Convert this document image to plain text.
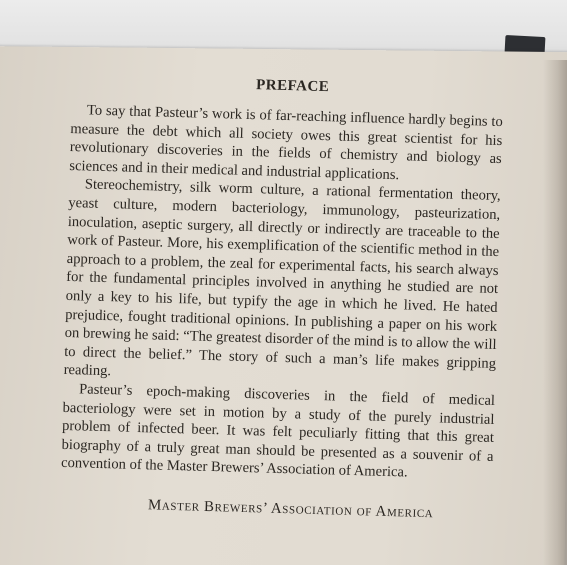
PREFACE

To say that Pasteur’s work is of far-reaching influence hardly begins to measure the debt which all society owes this great scientist for his revolutionary discoveries in the fields of chemistry and biology as sciences and in their medical and industrial applications.

Stereochemistry, silk worm culture, a rational fermentation theory, yeast culture, modern bacteriology, immunology, pasteurization, inoculation, aseptic surgery, all directly or indirectly are traceable to the work of Pasteur. More, his exemplification of the scientific method in the approach to a problem, the zeal for experimental facts, his search always for the fundamental principles involved in anything he studied are not only a key to his life, but typify the age in which he lived. He hated prejudice, fought traditional opinions. In publishing a paper on his work on brewing he said: “The greatest disorder of the mind is to allow the will to direct the belief.” The story of such a man’s life makes gripping reading.

Pasteur’s epoch-making discoveries in the field of medical bacteriology were set in motion by a study of the purely industrial problem of infected beer. It was felt peculiarly fitting that this great biography of a truly great man should be presented as a souvenir of a convention of the Master Brewers’ Association of America.

Master Brewers’ Association of America
